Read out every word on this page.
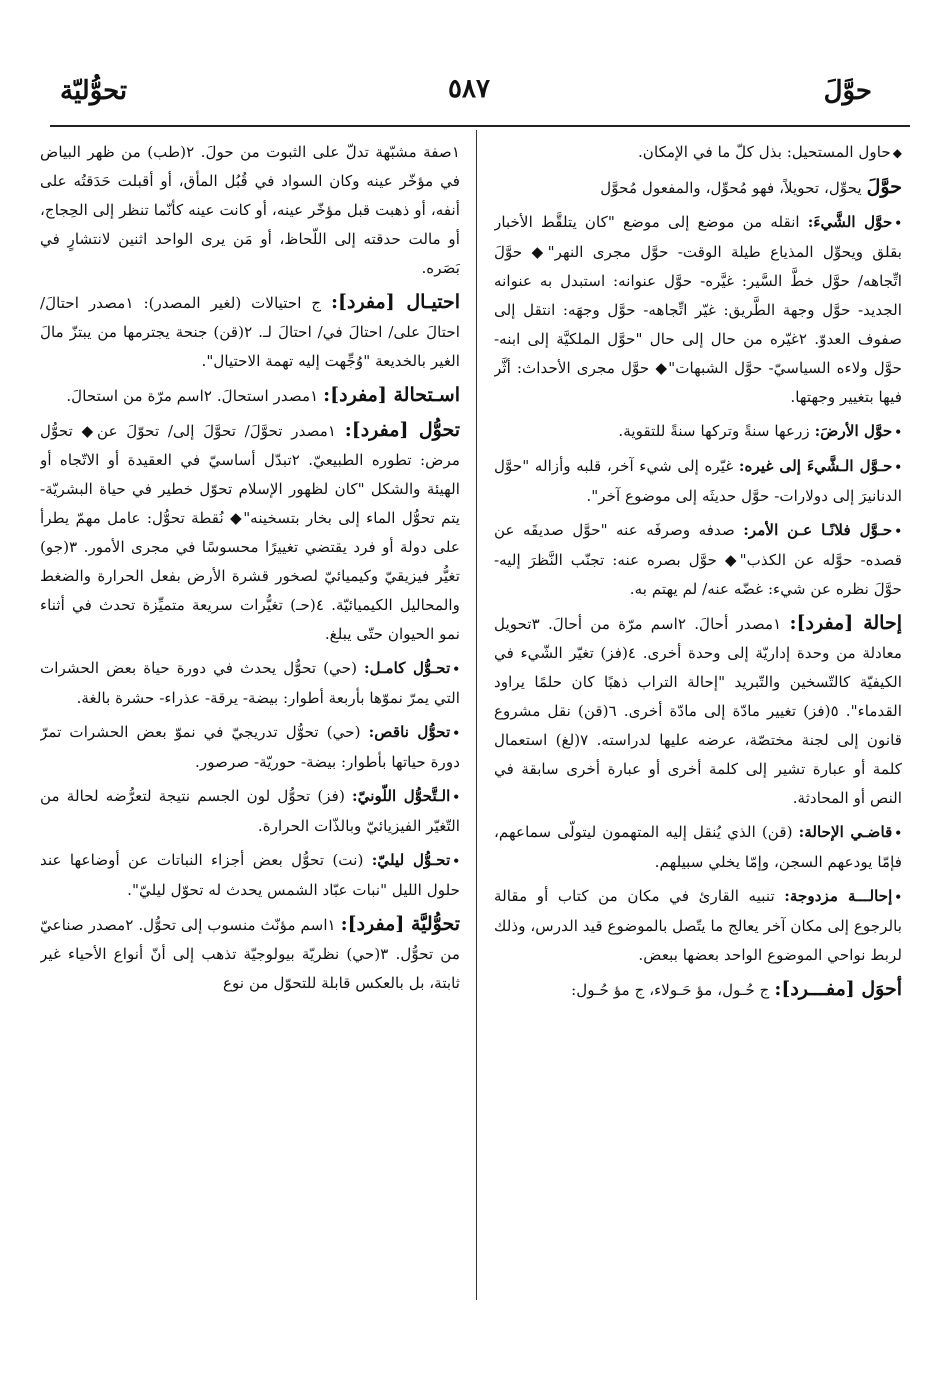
حوَّلَ
٥٨٧
تحوُّليّة

◆حاول المستحيل: بذل كلّ ما في الإمكان.

حوَّلَ يحوِّل، تحويلاً، فهو مُحوِّل، والمفعول مُحوَّل

•حوَّل الشَّيءَ: انقله من موضع إلى موضع "كان يتلقَّط الأخبار بقلق ويحوِّل المذياع طيلة الوقت- حوَّل مجرى النهر"◆ حوَّلَ اتِّجاهه/ حوَّل خطَّ السَّير: غيَّره- حوَّل عنوانه: استبدل به عنوانه الجديد- حوَّل وجهة الطَّريق: غيّر اتِّجاهه- حوَّل وجهَه: انتقل إلى صفوف العدوّ. ٢غيّره من حال إلى حال "حوَّل الملكيَّة إلى ابنه- حوَّل ولاءه السياسيّ- حوَّل الشبهات"◆ حوَّل مجرى الأحداث: أثَّر فيها بتغيير وجهتها.

•حوَّل الأرضَ: زرعها سنةً وتركها سنةً للتقوية.

•حـوَّل الـشَّيءَ إلى غيره: غيّره إلى شيء آخر، قلبه وأزاله "حوَّل الدنانيرَ إلى دولارات- حوَّل حديثَه إلى موضوع آخر".

•حـوَّل فلانًـا عـن الأمر: صدفه وصرفَه عنه "حوَّل صديقَه عن قصده- حوَّله عن الكذب"◆ حوَّل بصره عنه: تجنّب النَّظرَ إليه- حوَّلَ نظره عن شيء: غضّه عنه/ لم يهتم به.

إحالة [مفرد]: ١مصدر أحالَ. ٢اسم مرّة من أحالَ. ٣تحويل معادلة من وحدة إداريّة إلى وحدة أخرى. ٤(فز) تغيّر الشّيء في الكيفيّة كالتّسخين والتّبريد "إحالة التراب ذهبًا كان حلمًا يراود القدماء". ٥(فز) تغيير مادّة إلى مادّة أخرى. ٦(قن) نقل مشروع قانون إلى لجنة مختصّة، عرضه عليها لدراسته. ٧(لغ) استعمال كلمة أو عبارة تشير إلى كلمة أخرى أو عبارة أخرى سابقة في النص أو المحادثة.

•قاضـي الإحالة: (قن) الذي يُنقل إليه المتهمون ليتولّى سماعهم، فإمّا يودعهم السجن، وإمّا يخلي سبيلهم.

•إحالـــة مزدوجة: تنبيه القارئ في مكان من كتاب أو مقالة بالرجوع إلى مكان آخر يعالج ما يتّصل بالموضوع قيد الدرس، وذلك لربط نواحي الموضوع الواحد بعضها ببعض.

أحوَل [مفـــرد]: ج حُـول، مؤ حَـولاء، ج مؤ حُـول:

١صفة مشبّهة تدلّ على الثبوت من حولَ. ٢(طب) من ظهر البياض في مؤخّر عينه وكان السواد في قُبُل المأق، أو أقبلت حَدَقتُه على أنفه، أو ذهبت قبل مؤخّر عينه، أو كانت عينه كأنّما تنظر إلى الحِجاج، أو مالت حدقته إلى اللّحاظ، أو مَن يرى الواحد اثنين لانتشارٍ في بَصَره.

احتيـال [مفرد]: ج احتيالات (لغير المصدر): ١مصدر احتالَ/ احتالَ على/ احتالَ في/ احتالَ لـ. ٢(قن) جنحة يجترمها من يبتزّ مالَ الغير بالخديعة "وُجِّهت إليه تهمة الاحتيال".

اسـتحالة [مفرد]: ١مصدر استحالَ. ٢اسم مرّة من استحالَ.

تحوُّل [مفرد]: ١مصدر تحوَّلَ/ تحوَّلَ إلى/ تحوّلَ عن◆ تحوُّل مرض: تطوره الطبيعيّ. ٢تبدّل أساسيّ في العقيدة أو الاتّجاه أو الهيئة والشكل "كان لظهور الإسلام تحوّل خطير في حياة البشريّة- يتم تحوُّل الماء إلى بخار بتسخينه"◆ نُقطة تحوُّل: عامل مهمّ يطرأ على دولة أو فرد يقتضي تغييرًا محسوسًا في مجرى الأمور. ٣(جو) تغيُّر فيزيقيّ وكيميائيّ لصخور قشرة الأرض بفعل الحرارة والضغط والمحاليل الكيميائيّة. ٤(حـ) تغيُّرات سريعة متميِّزة تحدث في أثناء نمو الحيوان حتّى يبلغ.

•تحـوُّل كامـل: (حي) تحوُّل يحدث في دورة حياة بعض الحشرات التي يمرّ نموّها بأربعة أطوار: بيضة- يرقة- عذراء- حشرة بالغة.

•تحوُّل ناقص: (حي) تحوُّل تدريجيّ في نموّ بعض الحشرات تمرّ دورة حياتها بأطوار: بيضة- حوريّة- صرصور.

•الـتَّحوُّل اللّونيّ: (فز) تحوُّل لون الجسم نتيجة لتعرُّضه لحالة من التّغيّر الفيزيائيّ وبالذّات الحرارة.

•تحـوُّل ليليّ: (نت) تحوُّل بعض أجزاء النباتات عن أوضاعها عند حلول الليل "نبات عبّاد الشمس يحدث له تحوّل ليليّ".

تحوُّليَّة [مفرد]: ١اسم مؤنّث منسوب إلى تحوُّل. ٢مصدر صناعيّ من تحوُّل. ٣(حي) نظريّة بيولوجيّة تذهب إلى أنّ أنواع الأحياء غير ثابتة، بل بالعكس قابلة للتحوّل من نوع
